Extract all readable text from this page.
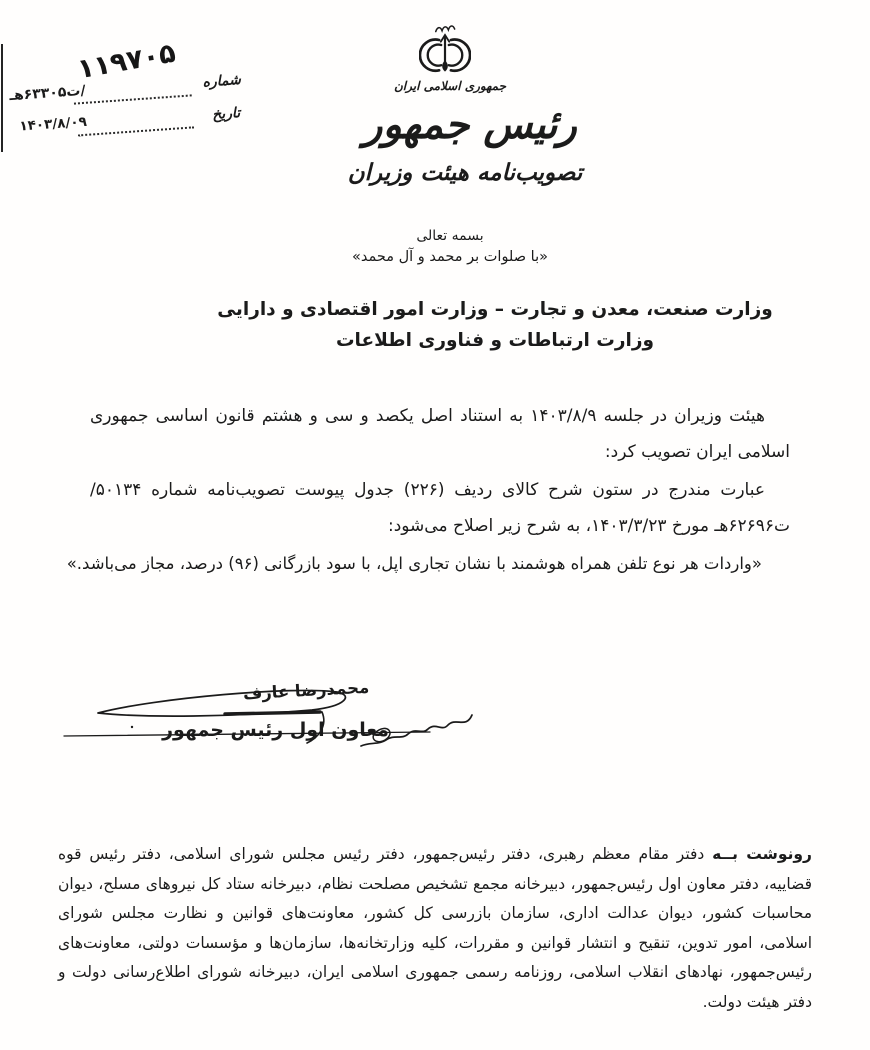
۱۱۹۷۰۵ شماره
/ت۶۳۳۰۵هـ
تاریخ
۱۴۰۳/۸/۰۹
جمهوری اسلامی ایران
رئیس جمهور
تصویب‌نامه هیئت وزیران
بسمه تعالی
«با صلوات بر محمد و آل محمد»
وزارت صنعت، معدن و تجارت – وزارت امور اقتصادی و دارایی
وزارت ارتباطات و فناوری اطلاعات

هیئت وزیران در جلسه ۱۴۰۳/۸/۹ به استناد اصل یکصد و سی و هشتم قانون اساسی جمهوری اسلامی ایران تصویب کرد:

عبارت مندرج در ستون شرح کالای ردیف (۲۲۶) جدول پیوست تصویب‌نامه شماره ۵۰۱۳۴/ت۶۲۶۹۶هـ مورخ ۱۴۰۳/۳/۲۳، به شرح زیر اصلاح می‌شود:

«واردات هر نوع تلفن همراه هوشمند با نشان تجاری اپل، با سود بازرگانی (۹۶) درصد، مجاز می‌باشد.»

محمدرضا عارف
معاون اول رئیس جمهور
رونوشت بــه دفتر مقام معظم رهبری، دفتر رئیس‌جمهور، دفتر رئیس مجلس شورای اسلامی، دفتر رئیس قوه قضاییه، دفتر معاون اول رئیس‌جمهور، دبیرخانه مجمع تشخیص مصلحت نظام، دبیرخانه ستاد کل نیروهای مسلح، دیوان محاسبات کشور، دیوان عدالت اداری، سازمان بازرسی کل کشور، معاونت‌های قوانین و نظارت مجلس شورای اسلامی، امور تدوین، تنقیح و انتشار قوانین و مقررات، کلیه وزارتخانه‌ها، سازمان‌ها و مؤسسات دولتی، معاونت‌های رئیس‌جمهور، نهادهای انقلاب اسلامی، روزنامه رسمی جمهوری اسلامی ایران، دبیرخانه شورای اطلاع‌رسانی دولت و دفتر هیئت دولت.
